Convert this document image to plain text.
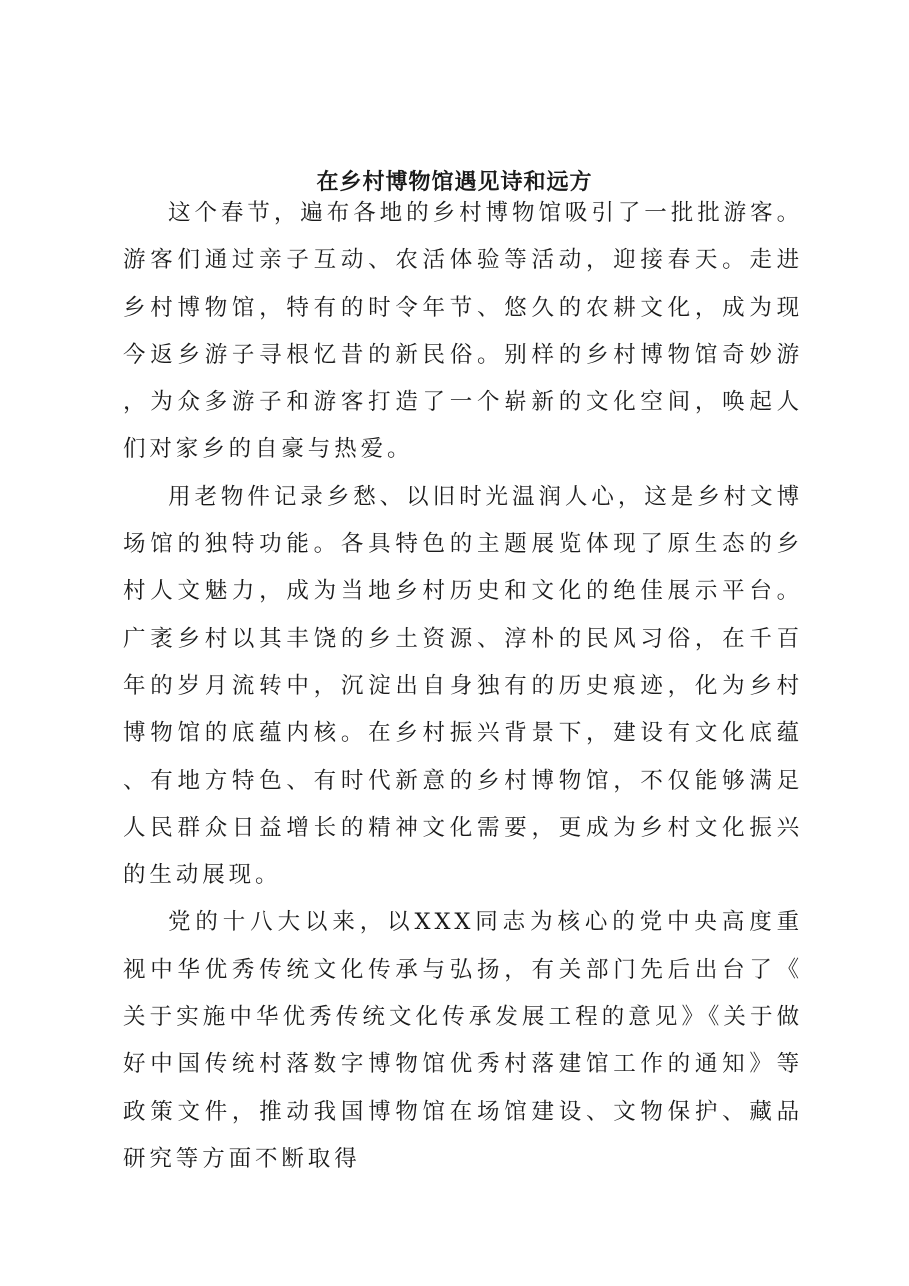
在乡村博物馆遇见诗和远方

这个春节，遍布各地的乡村博物馆吸引了一批批游客。游客们通过亲子互动、农活体验等活动，迎接春天。走进乡村博物馆，特有的时令年节、悠久的农耕文化，成为现今返乡游子寻根忆昔的新民俗。别样的乡村博物馆奇妙游，为众多游子和游客打造了一个崭新的文化空间，唤起人们对家乡的自豪与热爱。

用老物件记录乡愁、以旧时光温润人心，这是乡村文博场馆的独特功能。各具特色的主题展览体现了原生态的乡村人文魅力，成为当地乡村历史和文化的绝佳展示平台。广袤乡村以其丰饶的乡土资源、淳朴的民风习俗，在千百年的岁月流转中，沉淀出自身独有的历史痕迹，化为乡村博物馆的底蕴内核。在乡村振兴背景下，建设有文化底蕴、有地方特色、有时代新意的乡村博物馆，不仅能够满足人民群众日益增长的精神文化需要，更成为乡村文化振兴的生动展现。

党的十八大以来，以XXX同志为核心的党中央高度重视中华优秀传统文化传承与弘扬，有关部门先后出台了《关于实施中华优秀传统文化传承发展工程的意见》《关于做好中国传统村落数字博物馆优秀村落建馆工作的通知》等政策文件，推动我国博物馆在场馆建设、文物保护、藏品研究等方面不断取得
